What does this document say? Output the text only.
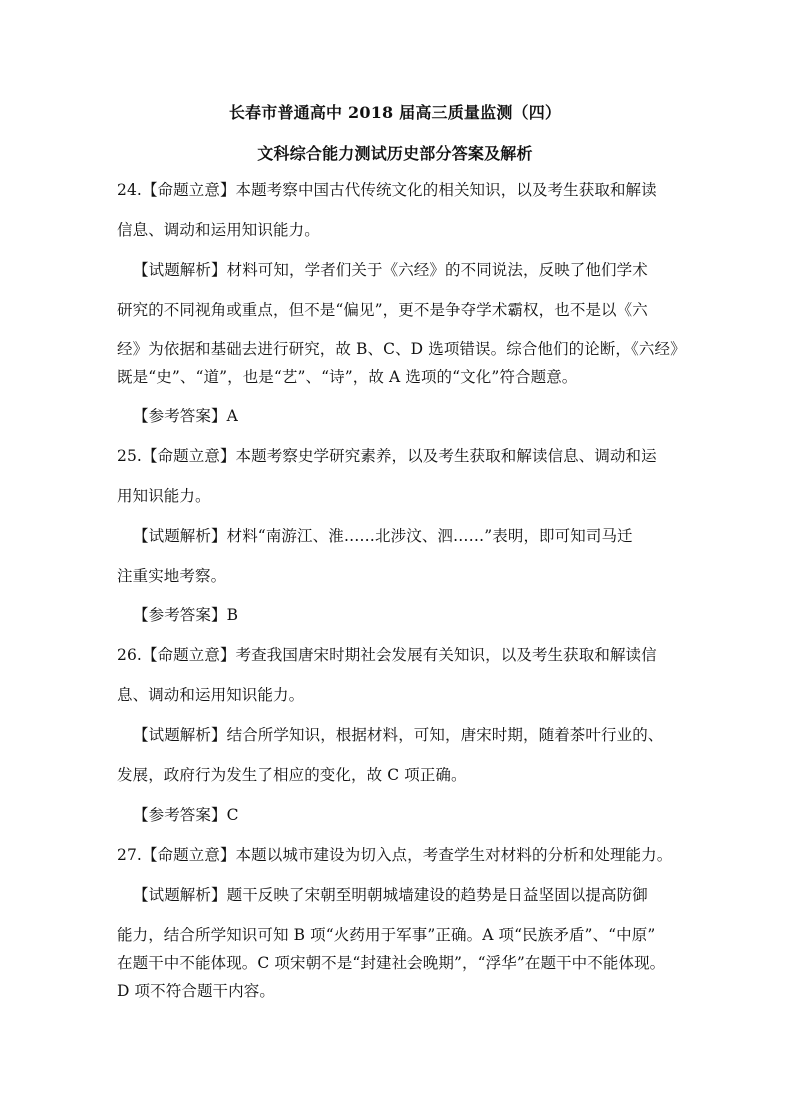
长春市普通高中 2018 届高三质量监测（四）
文科综合能力测试历史部分答案及解析
24.【命题立意】本题考察中国古代传统文化的相关知识，以及考生获取和解读
信息、调动和运用知识能力。
【试题解析】材料可知，学者们关于《六经》的不同说法，反映了他们学术
研究的不同视角或重点，但不是“偏见”，更不是争夺学术霸权，也不是以《六
经》为依据和基础去进行研究，故 B、C、D 选项错误。综合他们的论断，《六经》
既是“史”、“道”，也是“艺”、“诗”，故 A 选项的“文化”符合题意。
【参考答案】A
25.【命题立意】本题考察史学研究素养，以及考生获取和解读信息、调动和运
用知识能力。
【试题解析】材料“南游江、淮……北涉汶、泗……”表明，即可知司马迁
注重实地考察。
【参考答案】B
26.【命题立意】考查我国唐宋时期社会发展有关知识，以及考生获取和解读信
息、调动和运用知识能力。
【试题解析】结合所学知识，根据材料，可知，唐宋时期，随着茶叶行业的、
发展，政府行为发生了相应的变化，故 C 项正确。
【参考答案】C
27.【命题立意】本题以城市建设为切入点，考查学生对材料的分析和处理能力。
【试题解析】题干反映了宋朝至明朝城墙建设的趋势是日益坚固以提高防御
能力，结合所学知识可知 B 项“火药用于军事”正确。A 项“民族矛盾”、“中原”
在题干中不能体现。C 项宋朝不是“封建社会晚期”，“浮华”在题干中不能体现。
D 项不符合题干内容。
